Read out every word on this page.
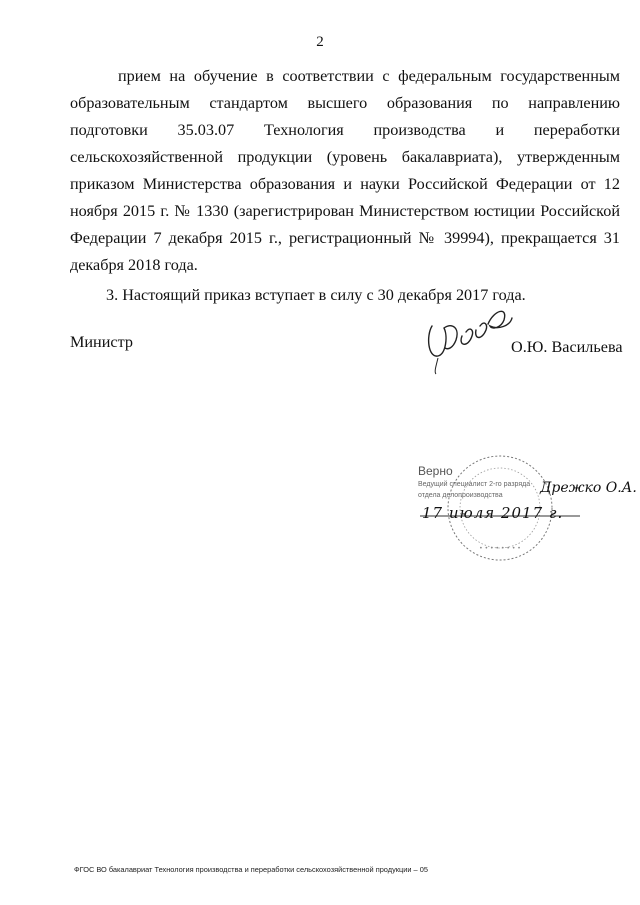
2

прием на обучение в соответствии с федеральным государственным образовательным стандартом высшего образования по направлению подготовки 35.03.07 Технология производства и переработки сельскохозяйственной продукции (уровень бакалавриата), утвержденным приказом Министерства образования и науки Российской Федерации от 12 ноября 2015 г. № 1330 (зарегистрирован Министерством юстиции Российской Федерации 7 декабря 2015 г., регистрационный № 39994), прекращается 31 декабря 2018 года.

3. Настоящий приказ вступает в силу с 30 декабря 2017 года.

Министр	О.Ю. Васильева
• • • • • • • •
Верно
Ведущий специалист 2-го разряда
отдела делопроизводства	Дрежко О.А.
17 июля 2017 г.
ФГОС ВО бакалавриат Технология производства и переработки сельскохозяйственной продукции – 05
